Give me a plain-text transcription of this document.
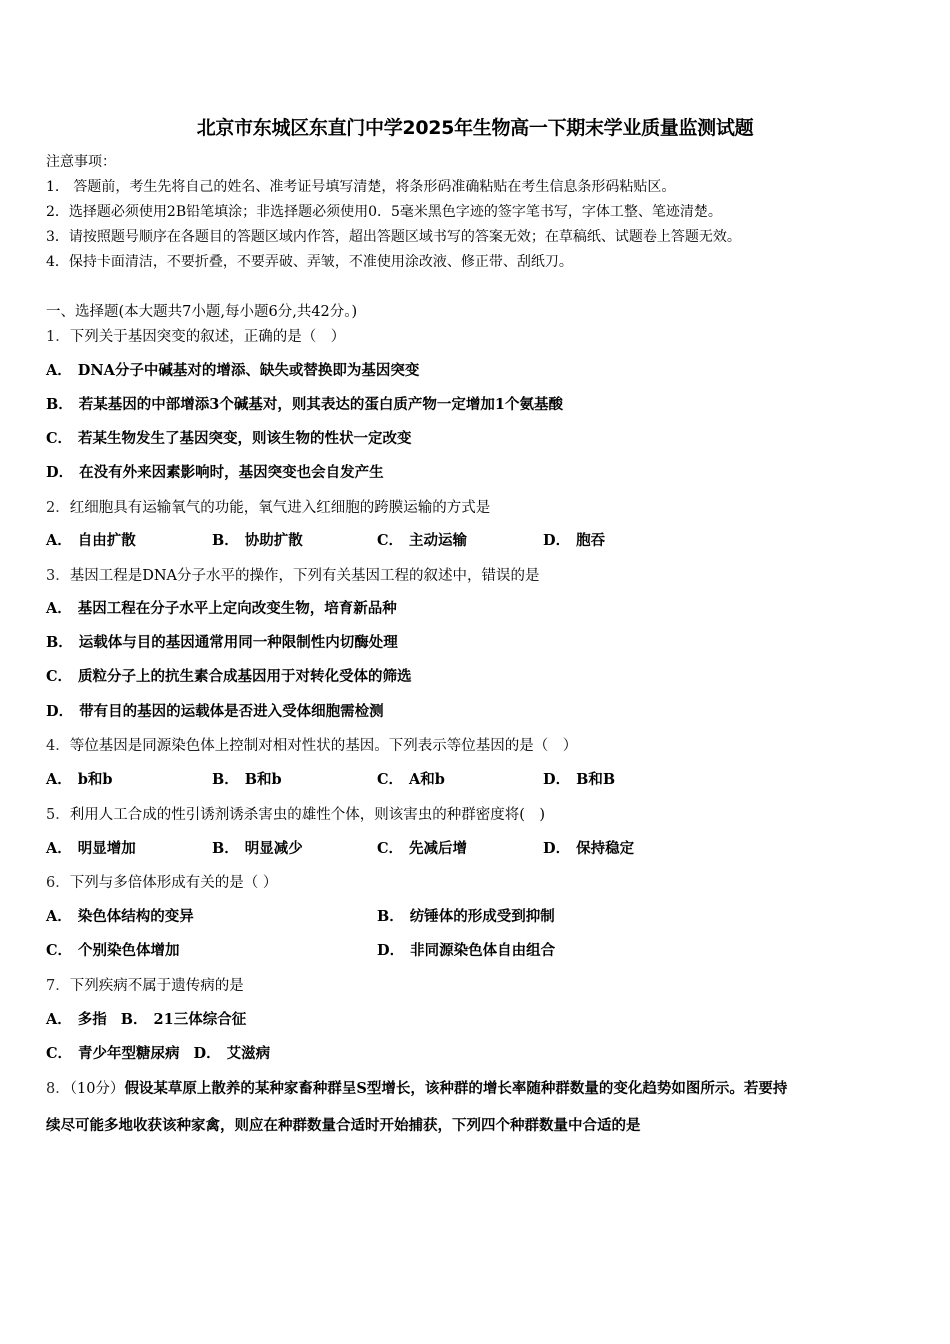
北京市东城区东直门中学2025年生物高一下期末学业质量监测试题
注意事项：
1.　答题前，考生先将自己的姓名、准考证号填写清楚，将条形码准确粘贴在考生信息条形码粘贴区。
2．选择题必须使用2B铅笔填涂；非选择题必须使用0．5毫米黑色字迹的签字笔书写，字体工整、笔迹清楚。
3．请按照题号顺序在各题目的答题区域内作答，超出答题区域书写的答案无效；在草稿纸、试题卷上答题无效。
4．保持卡面清洁，不要折叠，不要弄破、弄皱，不准使用涂改液、修正带、刮纸刀。
一、选择题(本大题共7小题,每小题6分,共42分。)
1．下列关于基因突变的叙述，正确的是（　）
A． DNA分子中碱基对的增添、缺失或替换即为基因突变
B． 若某基因的中部增添3个碱基对，则其表达的蛋白质产物一定增加1个氨基酸
C． 若某生物发生了基因突变，则该生物的性状一定改变
D． 在没有外来因素影响时，基因突变也会自发产生
2．红细胞具有运输氧气的功能，氧气进入红细胞的跨膜运输的方式是
A． 自由扩散	B． 协助扩散	C． 主动运输	D． 胞吞
3．基因工程是DNA分子水平的操作，下列有关基因工程的叙述中，错误的是
A． 基因工程在分子水平上定向改变生物，培育新品种
B． 运载体与目的基因通常用同一种限制性内切酶处理
C． 质粒分子上的抗生素合成基因用于对转化受体的筛选
D． 带有目的基因的运载体是否进入受体细胞需检测
4．等位基因是同源染色体上控制对相对性状的基因。下列表示等位基因的是（　）
A． b和b	B． B和b	C． A和b	D． B和B
5．利用人工合成的性引诱剂诱杀害虫的雄性个体，则该害虫的种群密度将(　)
A． 明显增加	B． 明显减少	C． 先减后增	D． 保持稳定
6．下列与多倍体形成有关的是（ ）
A． 染色体结构的变异	B． 纺锤体的形成受到抑制
C． 个别染色体增加	D． 非同源染色体自由组合
7．下列疾病不属于遗传病的是
A． 多指 B． 21三体综合征
C． 青少年型糖尿病 D． 艾滋病
8．（10分）假设某草原上散养的某种家畜种群呈S型增长，该种群的增长率随种群数量的变化趋势如图所示。若要持
续尽可能多地收获该种家禽，则应在种群数量合适时开始捕获，下列四个种群数量中合适的是
